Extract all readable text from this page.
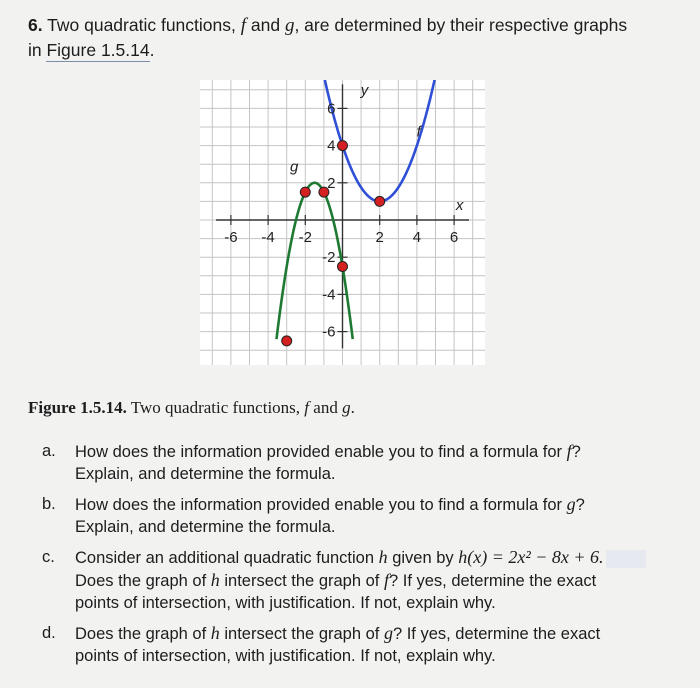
6. Two quadratic functions, f and g, are determined by their respective graphs
in Figure 1.5.14.
-6 -4 -2	2 4 6
6
4
2
-2
-4
-6
x
y
f
g
Figure 1.5.14. Two quadratic functions, f and g.
a. How does the information provided enable you to find a formula for f?
Explain, and determine the formula.
b. How does the information provided enable you to find a formula for g?
Explain, and determine the formula.
c. Consider an additional quadratic function h given by h(x) = 2x² − 8x + 6.
Does the graph of h intersect the graph of f? If yes, determine the exact
points of intersection, with justification. If not, explain why.
d. Does the graph of h intersect the graph of g? If yes, determine the exact
points of intersection, with justification. If not, explain why.
